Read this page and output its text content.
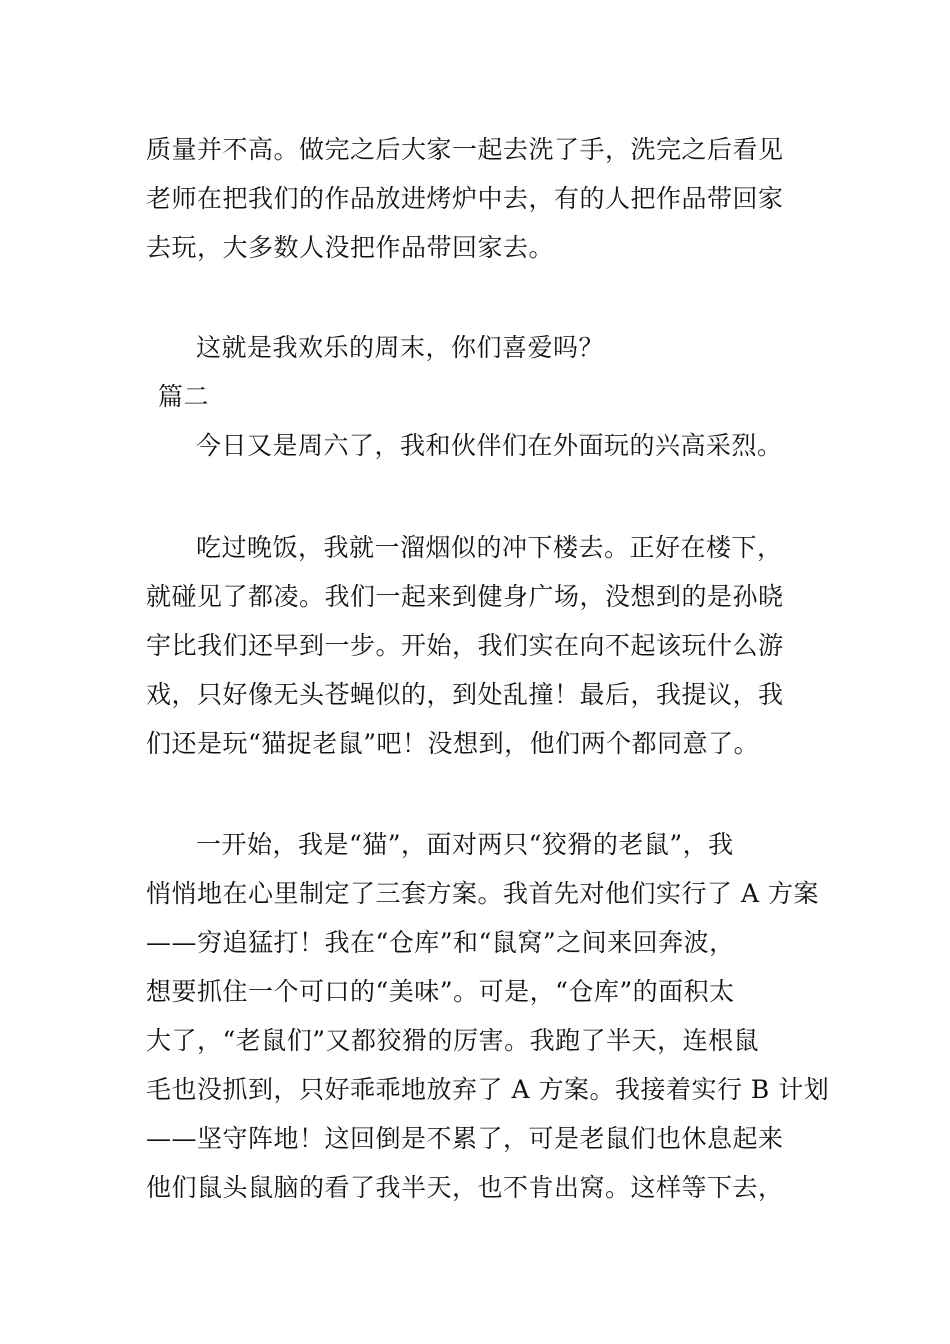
质量并不高。做完之后大家一起去洗了手，洗完之后看见
老师在把我们的作品放进烤炉中去，有的人把作品带回家
去玩，大多数人没把作品带回家去。
这就是我欢乐的周末，你们喜爱吗？
篇二
今日又是周六了，我和伙伴们在外面玩的兴高采烈。
吃过晚饭，我就一溜烟似的冲下楼去。正好在楼下，
就碰见了都凌。我们一起来到健身广场，没想到的是孙晓
宇比我们还早到一步。开始，我们实在向不起该玩什么游
戏，只好像无头苍蝇似的，到处乱撞！最后，我提议，我
们还是玩“猫捉老鼠”吧！没想到，他们两个都同意了。
一开始，我是“猫”，面对两只“狡猾的老鼠”，我
悄悄地在心里制定了三套方案。我首先对他们实行了 A 方案
——穷追猛打！我在“仓库”和“鼠窝”之间来回奔波，
想要抓住一个可口的“美味”。可是，“仓库”的面积太
大了，“老鼠们”又都狡猾的厉害。我跑了半天，连根鼠
毛也没抓到，只好乖乖地放弃了 A 方案。我接着实行 B 计划
——坚守阵地！这回倒是不累了，可是老鼠们也休息起来
他们鼠头鼠脑的看了我半天，也不肯出窝。这样等下去，
